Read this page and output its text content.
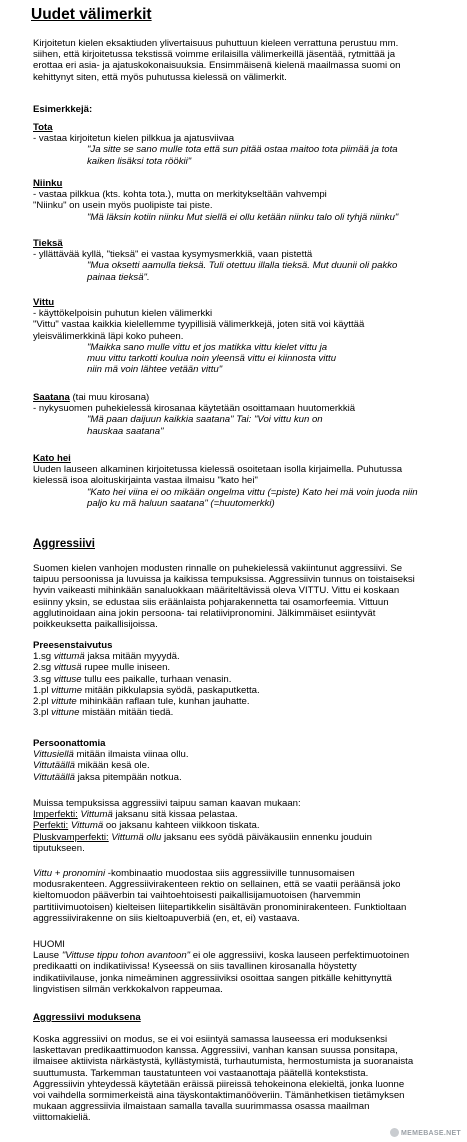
Uudet välimerkit
Kirjoitetun kielen eksaktiuden ylivertaisuus puhuttuun kieleen verrattuna perustuu mm.
siihen, että kirjoitetussa tekstissä voimme erilaisilla välimerkeillä jäsentää, rytmittää ja
erottaa eri asia- ja ajatuskokonaisuuksia. Ensimmäisenä kielenä maailmassa suomi on
kehittynyt siten, että myös puhutussa kielessä on välimerkit.
Esimerkkejä:
Tota
- vastaa kirjoitetun kielen pilkkua ja ajatusviivaa
"Ja sitte se sano mulle tota että sun pitää ostaa maitoo tota piimää ja tota
kaiken lisäksi tota röökii"
Niinku
- vastaa pilkkua (kts. kohta tota.), mutta on merkitykseltään vahvempi
"Niinku" on usein myös puolipiste tai piste.
"Mä läksin kotiin niinku Mut siellä ei ollu ketään niinku talo oli tyhjä niinku"
Tieksä
- yllättävää kyllä, "tieksä" ei vastaa kysymysmerkkiä, vaan pistettä
"Mua oksetti aamulla tieksä. Tuli otettuu illalla tieksä. Mut duunii oli pakko
painaa tieksä".
Vittu
- käyttökelpoisin puhutun kielen välimerkki
"Vittu" vastaa kaikkia kielellemme tyypillisiä välimerkkejä, joten sitä voi käyttää
yleisvälimerkkinä läpi koko puheen.
"Maikka sano mulle vittu et jos matikka vittu kielet vittu ja
muu vittu tarkotti koulua noin yleensä vittu ei kiinnosta vittu
niin mä voin lähtee vetään vittu"
Saatana (tai muu kirosana)
- nykysuomen puhekielessä kirosanaa käytetään osoittamaan huutomerkkiä
"Mä paan daijuun kaikkia saatana" Tai: "Voi vittu kun on
hauskaa saatana"
Kato hei
Uuden lauseen alkaminen kirjoitetussa kielessä osoitetaan isolla kirjaimella. Puhutussa
kielessä isoa aloituskirjainta vastaa ilmaisu "kato hei"
"Kato hei viina ei oo mikään ongelma vittu (=piste) Kato hei mä voin juoda niin
paljo ku mä haluun saatana" (=huutomerkki)
Aggressiivi
Suomen kielen vanhojen modusten rinnalle on puhekielessä vakiintunut aggressiivi. Se
taipuu persoonissa ja luvuissa ja kaikissa tempuksissa. Aggressiivin tunnus on toistaiseksi
hyvin vaikeasti mihinkään sanaluokkaan määriteltävissä oleva VITTU. Vittu ei koskaan
esiinny yksin, se edustaa siis eräänlaista pohjarakennetta tai osamorfeemia. Vittuun
agglutinoidaan aina jokin persoona- tai relatiivipronomini. Jälkimmäiset esiintyvät
poikkeuksetta paikallisijoissa.
Preesenstaivutus
1.sg vittumä jaksa mitään myyydä.
2.sg vittusä rupee mulle iniseen.
3.sg vittuse tullu ees paikalle, turhaan venasin.
1.pl vittume mitään pikkulapsia syödä, paskaputketta.
2.pl vittute mihinkään raflaan tule, kunhan jauhatte.
3.pl vittune mistään mitään tiedä.
Persoonattomia
Vittusiellä mitään ilmaista viinaa ollu.
Vittutäällä mikään kesä ole.
Vittutäällä jaksa pitempään notkua.
Muissa tempuksissa aggressiivi taipuu saman kaavan mukaan:
Imperfekti: Vittumä jaksanu sitä kissaa pelastaa.
Perfekti: Vittumä oo jaksanu kahteen viikkoon tiskata.
Pluskvamperfekti: Vittumä ollu jaksanu ees syödä päiväkausiin ennenku jouduin
tiputukseen.
Vittu + pronomini -kombinaatio muodostaa siis aggressiiville tunnusomaisen
modusrakenteen. Aggressiivirakenteen rektio on sellainen, että se vaatii peräänsä joko
kieltomuodon pääverbin tai vaihtoehtoisesti paikallisijamuotoisen (harvemmin
partitiivimuotoisen) kielteisen liitepartikkelin sisältävän pronominirakenteen. Funktioltaan
aggressiivirakenne on siis kieltoapuverbiä (en, et, ei) vastaava.
HUOMI
Lause "Vittuse tippu tohon avantoon" ei ole aggressiivi, koska lauseen perfektimuotoinen
predikaatti on indikatiivissa! Kyseessä on siis tavallinen kirosanalla höystetty
indikatiivilause, jonka nimeäminen aggressiiviksi osoittaa sangen pitkälle kehittynyttä
lingvistisen silmän verkkokalvon rappeumaa.
Aggressiivi moduksena
Koska aggressiivi on modus, se ei voi esiintyä samassa lauseessa eri moduksenksi
laskettavan predikaattimuodon kanssa. Aggressiivi, vanhan kansan suussa ponsitapa,
ilmaisee aktiivista närkästystä, kyllästymistä, turhautumista, hermostumista ja suoranaista
suuttumusta. Tarkemman taustatunteen voi vastaanottaja päätellä kontekstista.
Aggressiivin yhteydessä käytetään eräissä piireissä tehokeinona elekieltä, jonka luonne
voi vaihdella sormimerkeistä aina täyskontaktimanööveriin. Tämänhetkisen tietämyksen
mukaan aggressiivia ilmaistaan samalla tavalla suurimmassa osassa maailman
viittomakieliä.
MEMEBASE.NET
